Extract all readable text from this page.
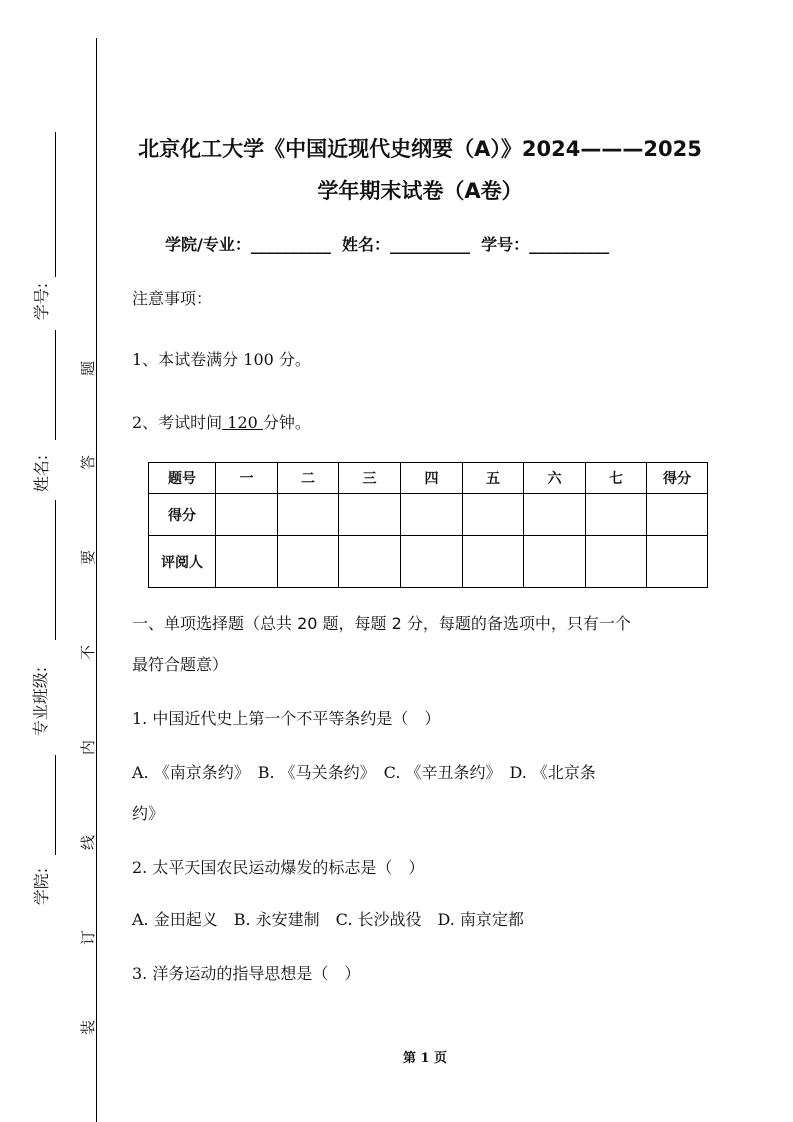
学号:
姓名:
专业班级:
学院:
题
答
要
不
内
线
订
装
北京化工大学《中国近现代史纲要（A）》2024———2025
学年期末试卷（A卷）
学院/专业：__________ 姓名：__________ 学号：__________
注意事项：
1、本试卷满分 100 分。
2、考试时间 120 分钟。
题号	一	二	三	四	五	六	七	得分
得分								
评阅人								
一、单项选择题（总共 20 题，每题 2 分，每题的备选项中，只有一个
最符合题意）
1. 中国近代史上第一个不平等条约是（　）
A. 《南京条约》　B. 《马关条约》　C. 《辛丑条约》　D. 《北京条
约》
2. 太平天国农民运动爆发的标志是（　）
A. 金田起义　B. 永安建制　C. 长沙战役　D. 南京定都
3. 洋务运动的指导思想是（　）
第 1 页
